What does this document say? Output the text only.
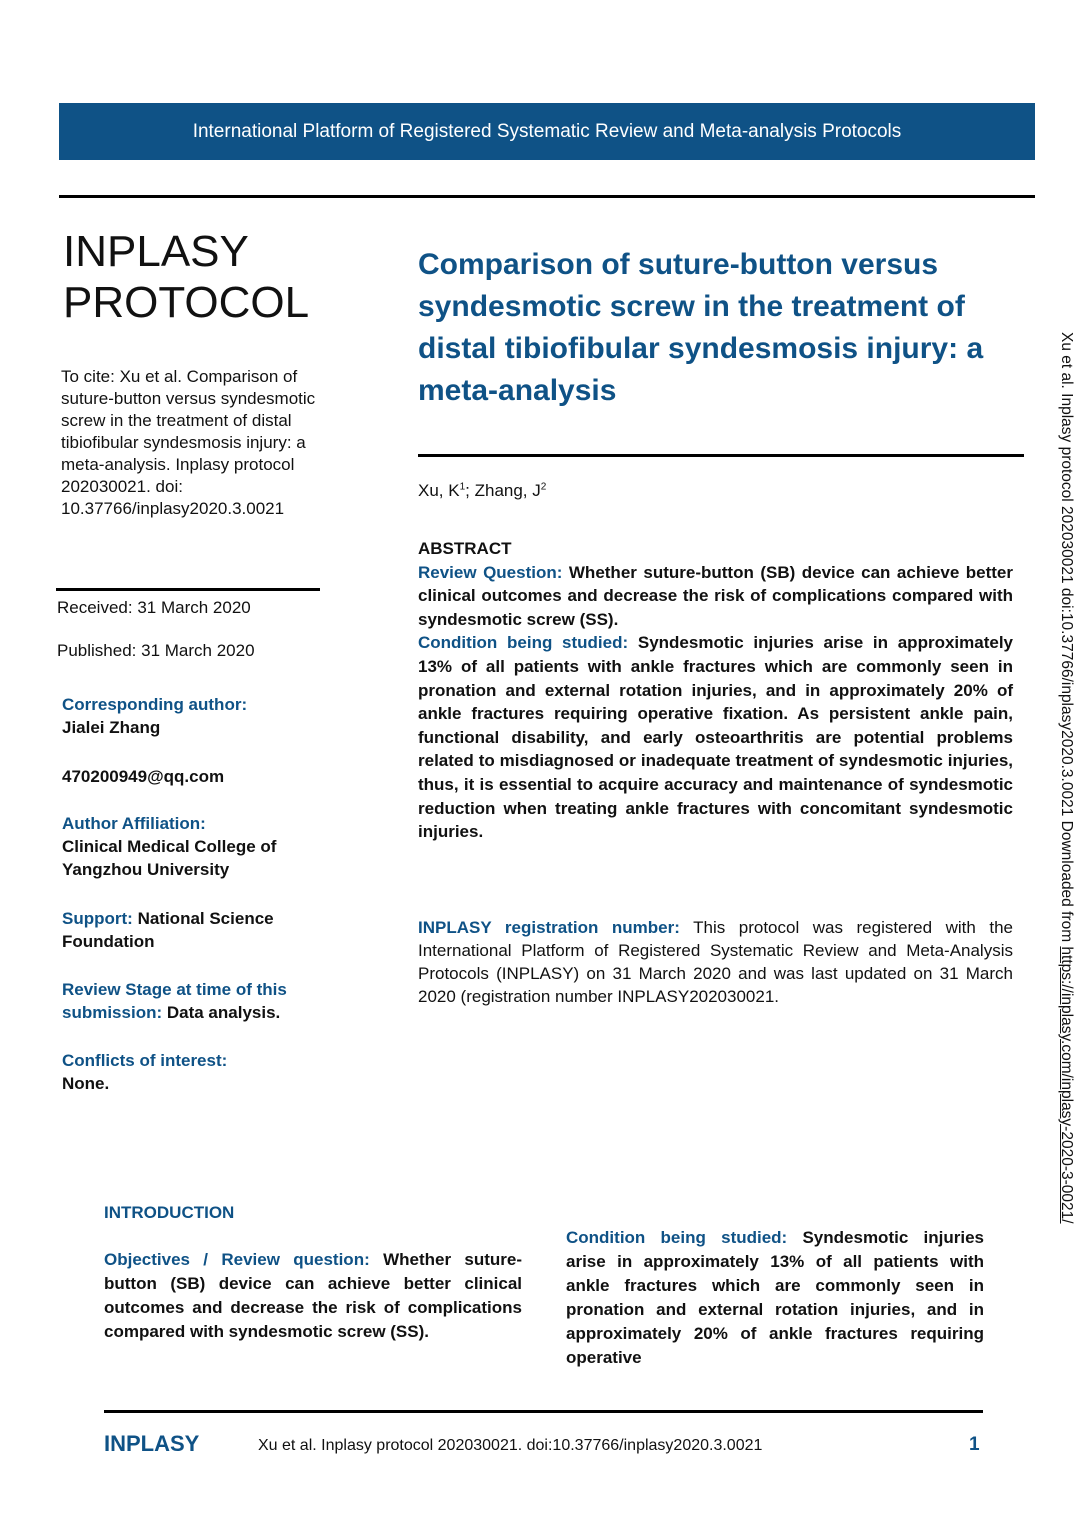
International Platform of Registered Systematic Review and Meta-analysis Protocols
INPLASY
PROTOCOL
To cite: Xu et al. Comparison of suture-button versus syndesmotic screw in the treatment of distal tibiofibular syndesmosis injury: a meta-analysis. Inplasy protocol 202030021. doi: 10.37766/inplasy2020.3.0021
Received: 31 March 2020
Published: 31 March 2020
Corresponding author:
Jialei Zhang
470200949@qq.com
Author Affiliation:
Clinical Medical College of Yangzhou University
Support: National Science Foundation
Review Stage at time of this submission: Data analysis.
Conflicts of interest:
None.
Comparison of suture-button versus syndesmotic screw in the treatment of distal tibiofibular syndesmosis injury: a meta-analysis
Xu, $K^1$; Zhang, $J^2$
ABSTRACT
Review Question: Whether suture-button (SB) device can achieve better clinical outcomes and decrease the risk of complications compared with syndesmotic screw (SS).
Condition being studied: Syndesmotic injuries arise in approximately 13% of all patients with ankle fractures which are commonly seen in pronation and external rotation injuries, and in approximately 20% of ankle fractures requiring operative fixation. As persistent ankle pain, functional disability, and early osteoarthritis are potential problems related to misdiagnosed or inadequate treatment of syndesmotic injuries, thus, it is essential to acquire accuracy and maintenance of syndesmotic reduction when treating ankle fractures with concomitant syndesmotic injuries.
INPLASY registration number: This protocol was registered with the International Platform of Registered Systematic Review and Meta-Analysis Protocols (INPLASY) on 31 March 2020 and was last updated on 31 March 2020 (registration number INPLASY202030021.
INTRODUCTION
Objectives / Review question: Whether suture-button (SB) device can achieve better clinical outcomes and decrease the risk of complications compared with syndesmotic screw (SS).
Condition being studied: Syndesmotic injuries arise in approximately 13% of all patients with ankle fractures which are commonly seen in pronation and external rotation injuries, and in approximately 20% of ankle fractures requiring operative
INPLASY	Xu et al. Inplasy protocol 202030021. doi:10.37766/inplasy2020.3.0021	1
Xu et al. Inplasy protocol 202030021 doi:10.37766/inplasy2020.3.0021 Downloaded from https://inplasy.com/inplasy-2020-3-0021/
